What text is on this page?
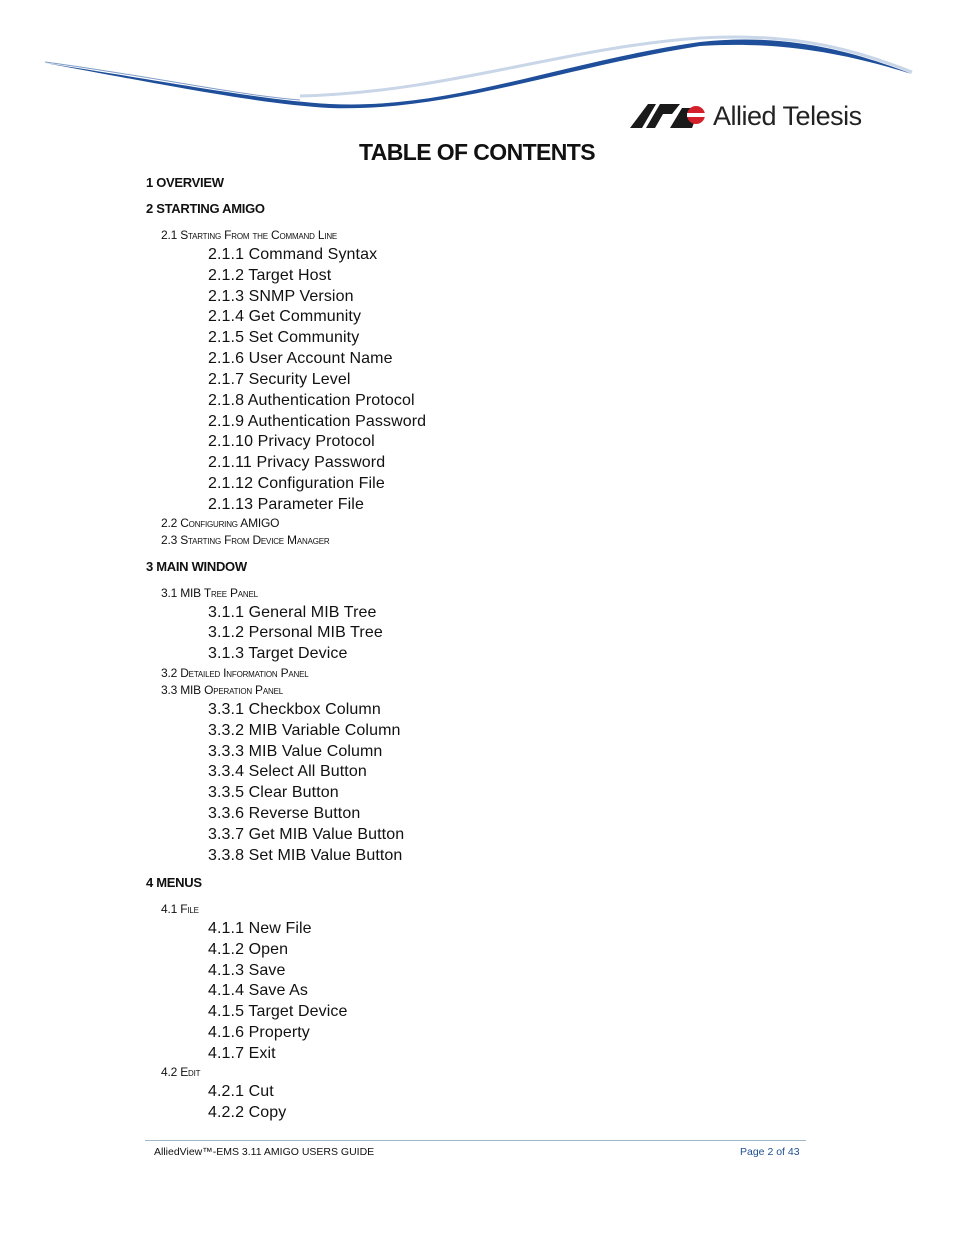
Allied Telesis
TABLE OF CONTENTS
1 OVERVIEW
2 STARTING AMIGO
2.1 Starting From the Command Line
2.1.1 Command Syntax
2.1.2 Target Host
2.1.3 SNMP Version
2.1.4 Get Community
2.1.5 Set Community
2.1.6 User Account Name
2.1.7 Security Level
2.1.8 Authentication Protocol
2.1.9 Authentication Password
2.1.10 Privacy Protocol
2.1.11 Privacy Password
2.1.12 Configuration File
2.1.13 Parameter File
2.2 Configuring AMIGO
2.3 Starting From Device Manager
3 MAIN WINDOW
3.1 MIB Tree Panel
3.1.1 General MIB Tree
3.1.2 Personal MIB Tree
3.1.3 Target Device
3.2 Detailed Information Panel
3.3 MIB Operation Panel
3.3.1 Checkbox Column
3.3.2 MIB Variable Column
3.3.3 MIB Value Column
3.3.4 Select All Button
3.3.5 Clear Button
3.3.6 Reverse Button
3.3.7 Get MIB Value Button
3.3.8 Set MIB Value Button
4 MENUS
4.1 File
4.1.1 New File
4.1.2 Open
4.1.3 Save
4.1.4 Save As
4.1.5 Target Device
4.1.6 Property
4.1.7 Exit
4.2 Edit
4.2.1 Cut
4.2.2 Copy
AlliedView™-EMS 3.11 AMIGO USERS GUIDE	Page 2 of 43
